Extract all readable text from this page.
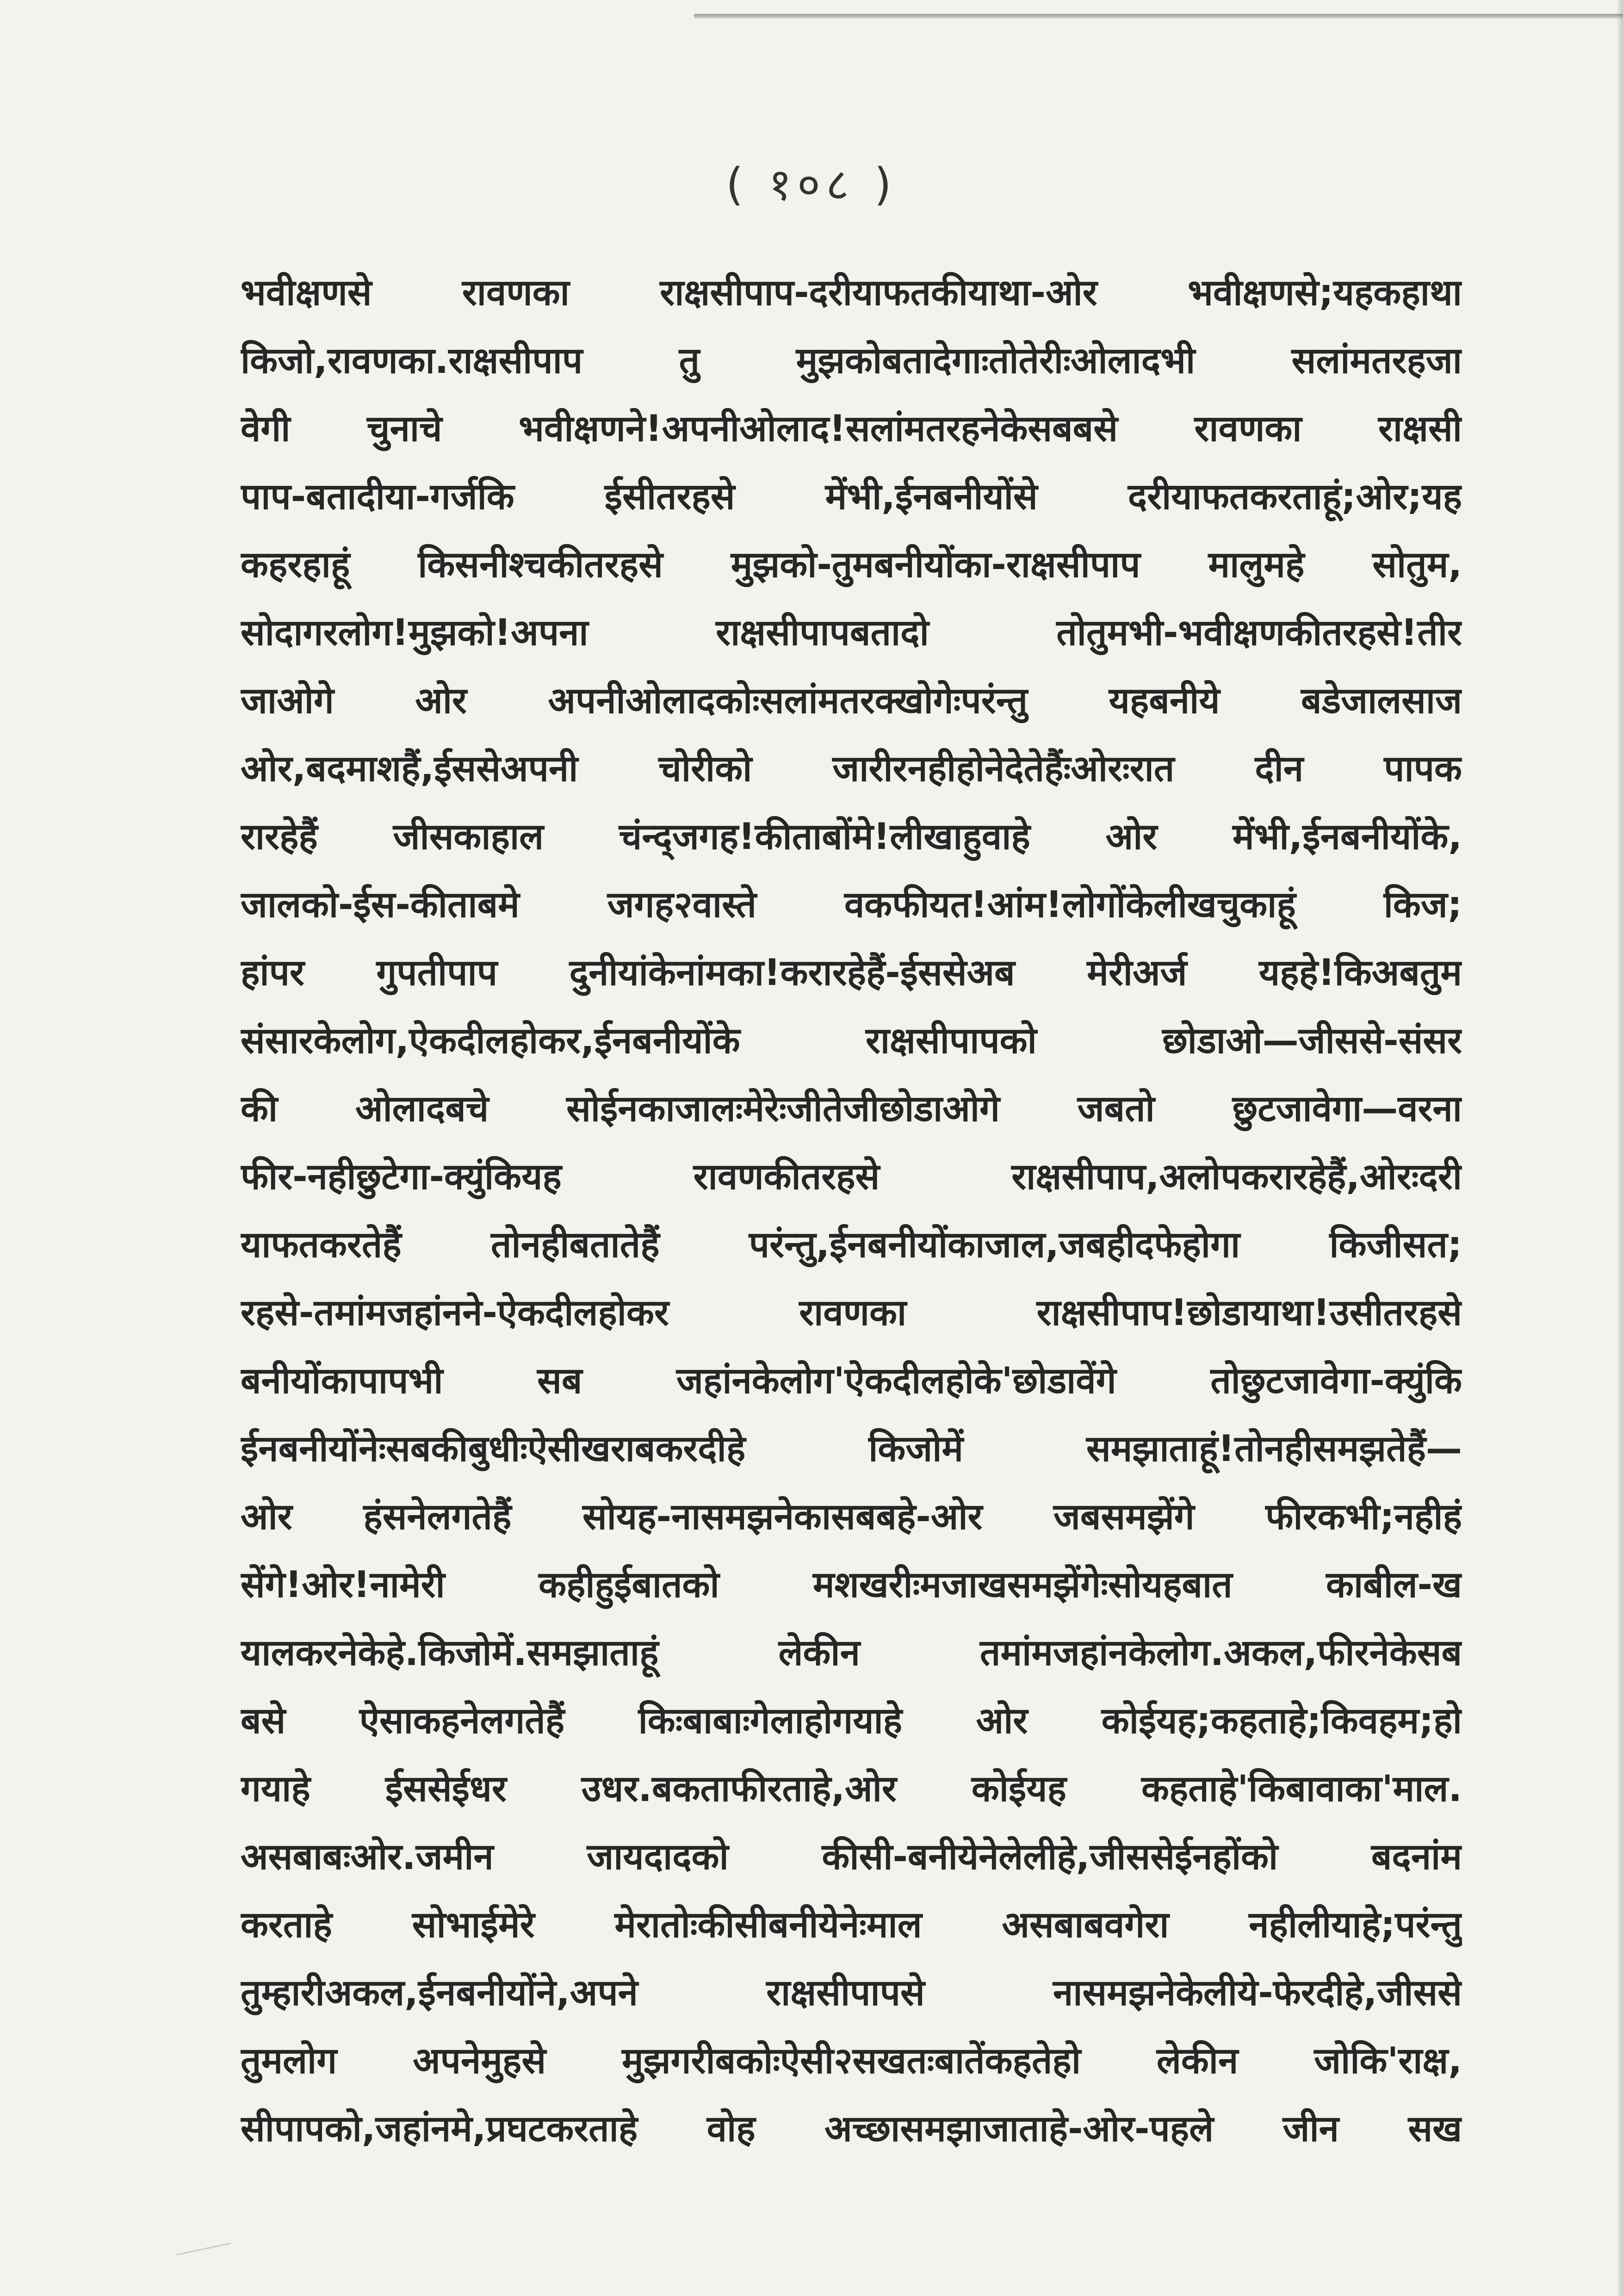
( १०८ )
भवीक्षणसे रावणका राक्षसीपाप-दरीयाफतकीयाथा-ओर भवीक्षणसे;यहकहाथा
किजो,रावणका.राक्षसीपाप तु मुझकोबतादेगाःतोतेरीःओलादभी सलांमतरहजा
वेगी चुनाचे भवीक्षणने!अपनीओलाद!सलांमतरहनेकेसबबसे रावणका राक्षसी
पाप-बतादीया-गर्जकि ईसीतरहसे मेंभी,ईनबनीयोंसे दरीयाफतकरताहूं;ओर;यह
कहरहाहूं किसनीश्चकीतरहसे मुझको-तुमबनीयोंका-राक्षसीपाप मालुमहे सोतुम,
सोदागरलोग!मुझको!अपना राक्षसीपापबतादो तोतुमभी-भवीक्षणकीतरहसे!तीर
जाओगे ओर अपनीओलादकोःसलांमतरक्खोगेःपरंन्तु यहबनीये बडेजालसाज
ओर,बदमाशहैं,ईससेअपनी चोरीको जारीरनहीहोनेदेतेहैंःओरःरात दीन पापक
रारहेहैं जीसकाहाल चंन्द्जगह!कीताबोंमे!लीखाहुवाहे ओर मेंभी,ईनबनीयोंके,
जालको-ईस-कीताबमे जगह२वास्ते वकफीयत!आंम!लोगोंकेलीखचुकाहूं किज;
हांपर गुपतीपाप दुनीयांकेनांमका!करारहेहैं-ईससेअब मेरीअर्ज यहहे!किअबतुम
संसारकेलोग,ऐकदीलहोकर,ईनबनीयोंके राक्षसीपापको छोडाओ—जीससे-संसर
की ओलादबचे सोईनकाजालःमेरेःजीतेजीछोडाओगे जबतो छुटजावेगा—वरना
फीर-नहीछुटेगा-क्युंकियह रावणकीतरहसे राक्षसीपाप,अलोपकरारहेहैं,ओरःदरी
याफतकरतेहैं तोनहीबतातेहैं परंन्तु,ईनबनीयोंकाजाल,जबहीदफेहोगा किजीसत;
रहसे-तमांमजहांनने-ऐकदीलहोकर रावणका राक्षसीपाप!छोडायाथा!उसीतरहसे
बनीयोंकापापभी सब जहांनकेलोग'ऐकदीलहोके'छोडावेंगे तोछुटजावेगा-क्युंकि
ईनबनीयोंनेःसबकीबुधीःऐसीखराबकरदीहे किजोमें समझाताहूं!तोनहीसमझतेहैं—
ओर हंसनेलगतेहैं सोयह-नासमझनेकासबबहे-ओर जबसमझेंगे फीरकभी;नहीहं
सेंगे!ओर!नामेरी कहीहुईबातको मशखरीःमजाखसमझेंगेःसोयहबात काबील-ख
यालकरनेकेहे.किजोमें.समझाताहूं लेकीन तमांमजहांनकेलोग.अकल,फीरनेकेसब
बसे ऐसाकहनेलगतेहैं किःबाबाःगेलाहोगयाहे ओर कोईयह;कहताहे;किवहम;हो
गयाहे ईससेईधर उधर.बकताफीरताहे,ओर कोईयह कहताहे'किबावाका'माल.
असबाबःओर.जमीन जायदादको कीसी-बनीयेनेलेलीहे,जीससेईनहोंको बदनांम
करताहे सोभाईमेरे मेरातोःकीसीबनीयेनेःमाल असबाबवगेरा नहीलीयाहे;परंन्तु
तुम्हारीअकल,ईनबनीयोंने,अपने राक्षसीपापसे नासमझनेकेलीये-फेरदीहे,जीससे
तुमलोग अपनेमुहसे मुझगरीबकोःऐसी२सखतःबातेंकहतेहो लेकीन जोकि'राक्ष,
सीपापको,जहांनमे,प्रघटकरताहे वोह अच्छासमझाजाताहे-ओर-पहले जीन सख
